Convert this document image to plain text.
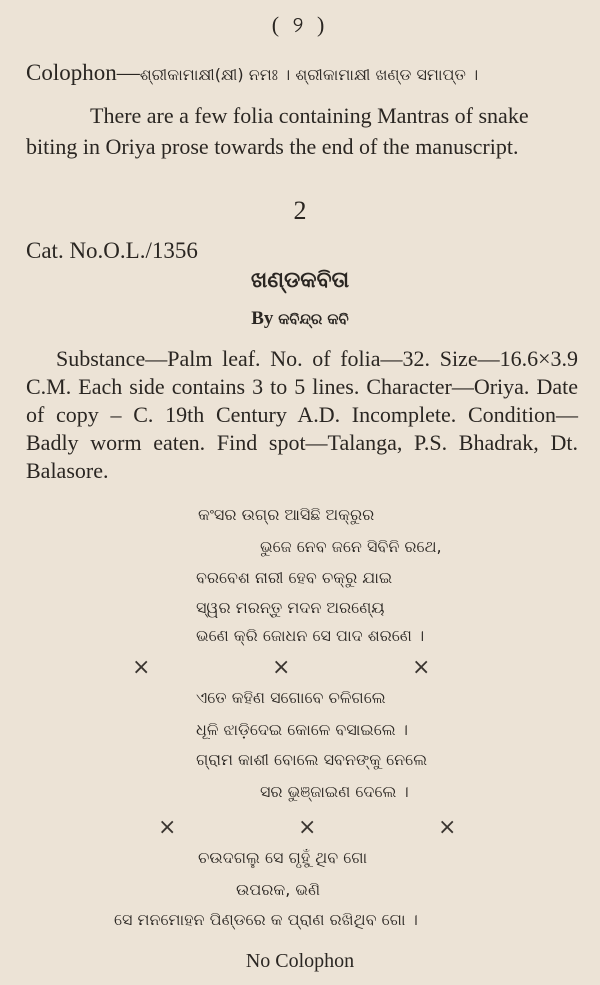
( ୨ )
Colophon—ଶ୍ରୀକାମାକ୍ଷୀ(କ୍ଷୀ) ନମଃ । ଶ୍ରୀକାମାକ୍ଷୀ ଖଣ୍ଡ ସମାପ୍ତ ।
There are a few folia containing Mantras of snake biting in Oriya prose towards the end of the manuscript.
2
Cat. No.O.L./1356
ଖଣ୍ଡକବିତା
By କବିନ୍ଦ୍ର କବି
Substance—Palm leaf. No. of folia—32. Size—16.6×3.9 C.M. Each side contains 3 to 5 lines. Character—Oriya. Date of copy – C. 19th Century A.D. Incomplete. Condition—Badly worm eaten. Find spot—Talanga, P.S. Bhadrak, Dt. Balasore.
କଂସର ଉଗ୍ର ଆସିଛି ଅକ୍ରୁର
ଭୁଜେ ନେବ ଜନେ ସିବିନି ରଥେ,
ବରବେଶ ନାରୀ ହେବ ଚକ୍ରୁ ଯାଇ
ସ୍ୱର ମରନ୍ତୁ ମଦନ ଅରଣ୍ୟେ
ଭଣେ କ୍ରି ଜୋଧନ ସେ ପାଦ ଶରଣେ ।
×	×	×
ଏତେ କହିଣ ସଗୋବେ ଚଳିଗଲେ
ଧୂଳି ଝାଡ଼ିଦେଇ କୋଳେ ବସାଇଲେ ।
ଗ୍ରାମ କାଶୀ ବୋଲେ ସବନଙ୍କୁ ନେଲେ
ସର ଭୁଞ୍ଜାଇଣ ଦେଲେ ।
×	×	×
ଚଉଦଗଲୁ ସେ ଗୃହୁଁ ଥିବ ଗୋ
ଉପରକ, ଭଣି
ସେ ମନମୋହନ ପିଣ୍ଡରେ କ ପ୍ରାଣ ରଖିଥିବ ଗୋ ।
No Colophon
